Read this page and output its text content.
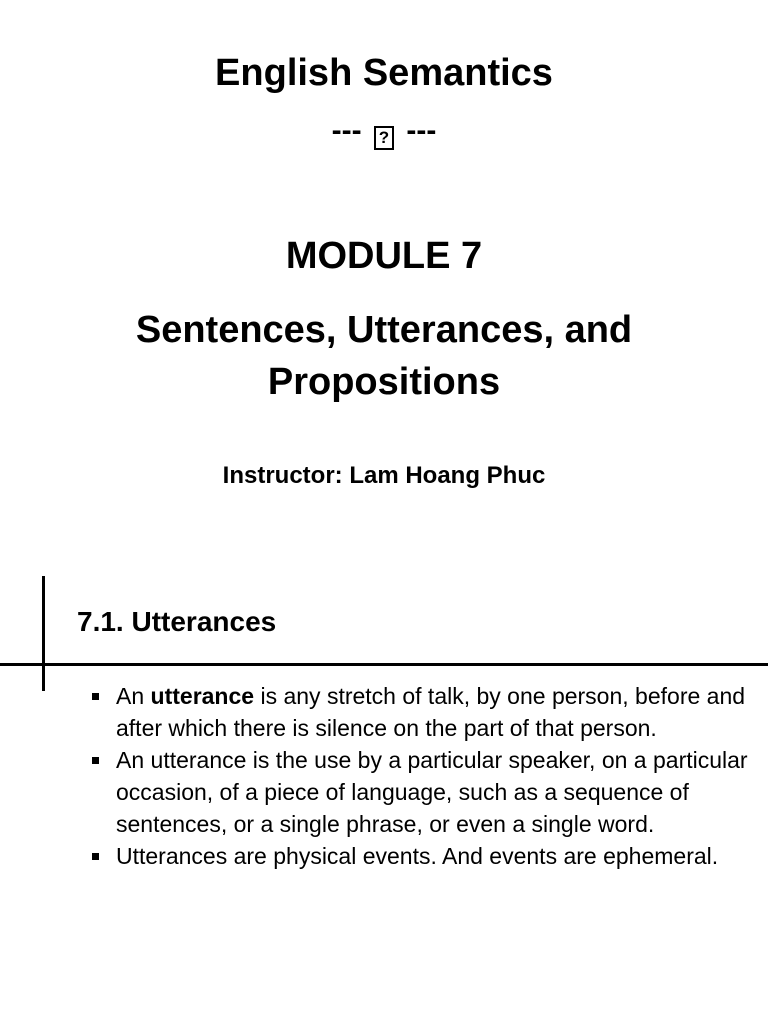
English Semantics
--- ? ---
MODULE 7
Sentences, Utterances, and Propositions
Instructor: Lam Hoang Phuc
7.1. Utterances
An utterance is any stretch of talk, by one person, before and after which there is silence on the part of that person.
An utterance is the use by a particular speaker, on a particular occasion, of a piece of language, such as a sequence of sentences, or a single phrase, or even a single word.
Utterances are physical events. And events are ephemeral.
